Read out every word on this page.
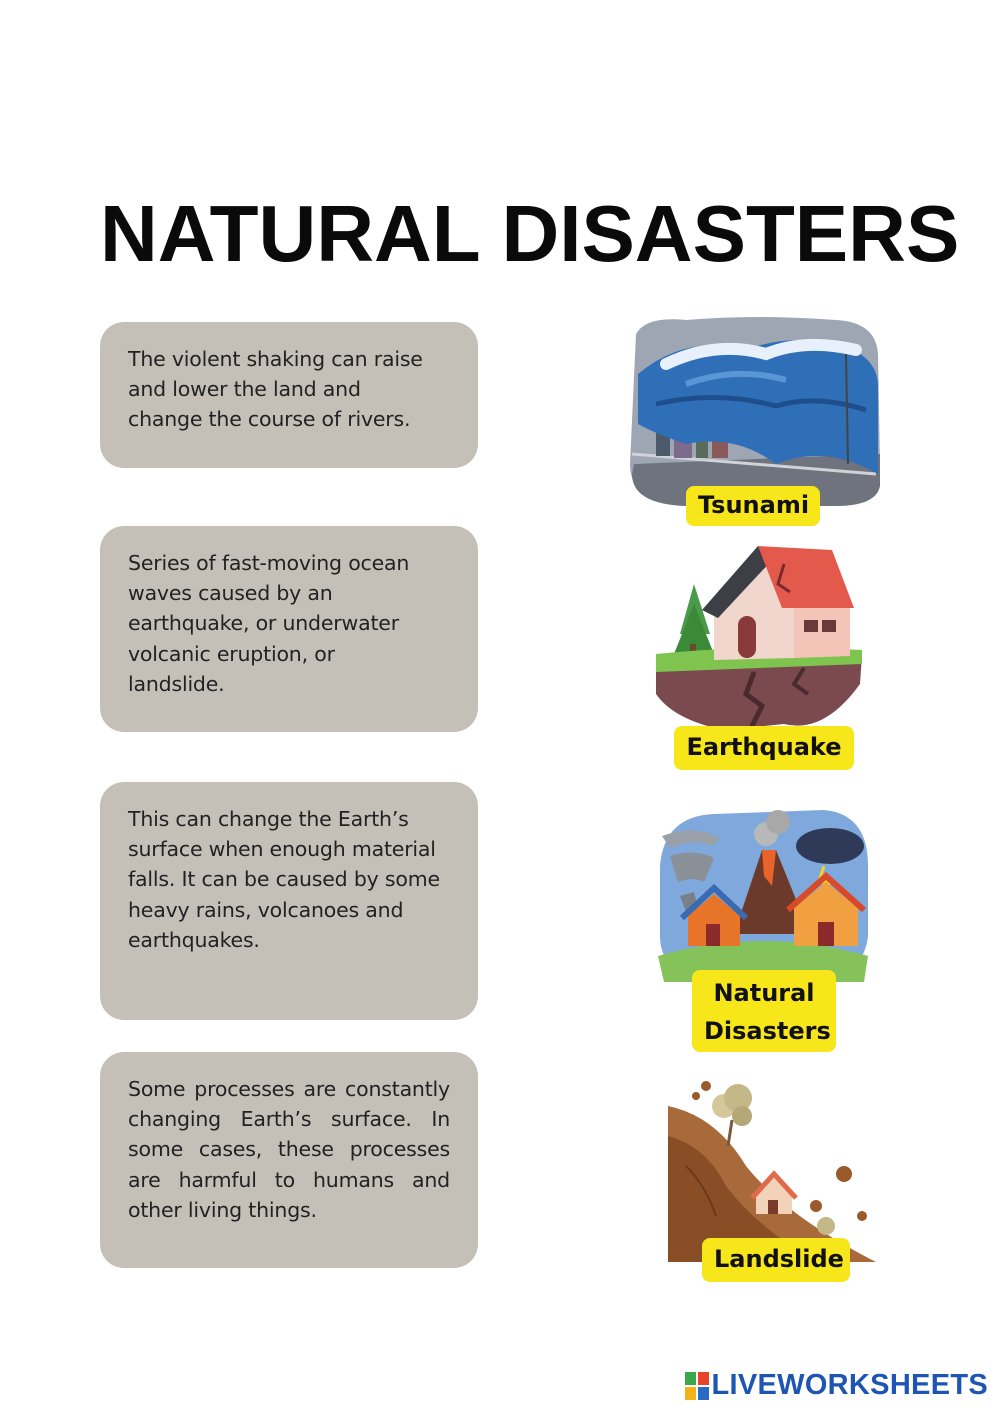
NATURAL DISASTERS

The violent shaking can raise and lower the land and change the course of rivers.

Series of fast-moving ocean waves caused by an earthquake, or underwater volcanic eruption, or landslide.

This can change the Earth’s surface when enough material falls. It can be caused by some heavy rains, volcanoes and earthquakes.

Some processes are constantly changing Earth’s surface. In some cases, these processes are harmful to humans and other living things.

Tsunami
Earthquake
Natural
Disasters
Landslide
LIVEWORKSHEETS
